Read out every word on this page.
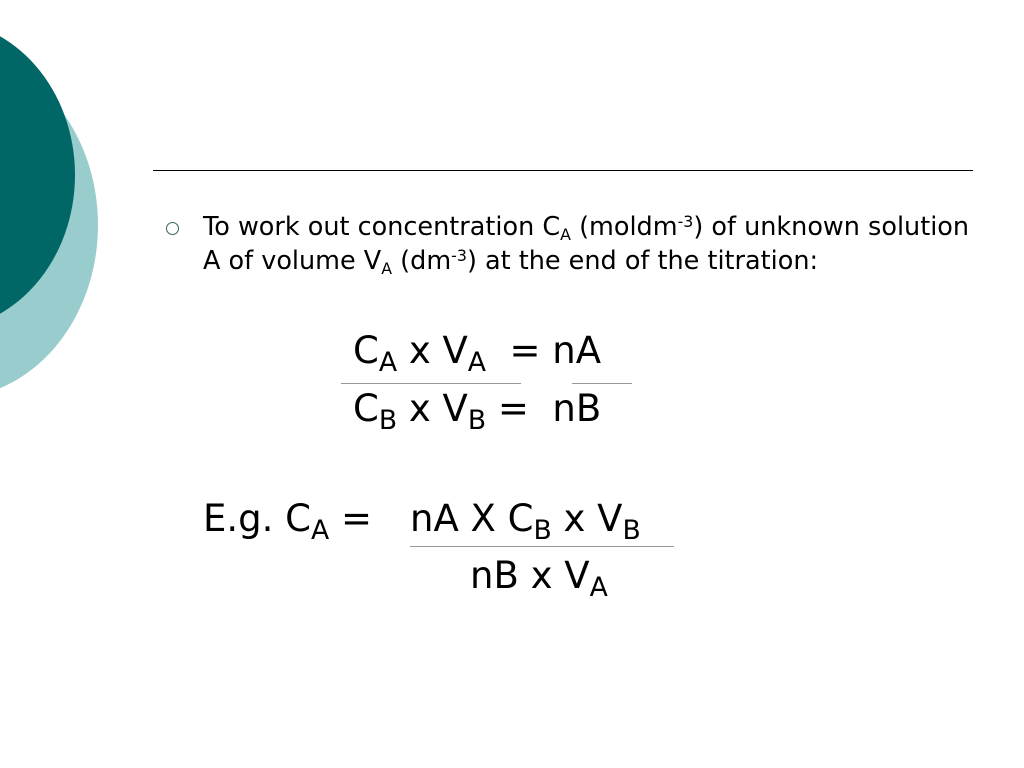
To work out concentration $C_A$ (moldm$^{-3}$) of unknown solution A of volume $V_A$ $(dm^{-3})$ at the end of the titration:
$C_A$ x $V_A$  = nA
$C_B$ x $V_B$ =  nB
E.g. $C_A$ = nA X $C_B$ x $V_B$
nB x $V_A$
